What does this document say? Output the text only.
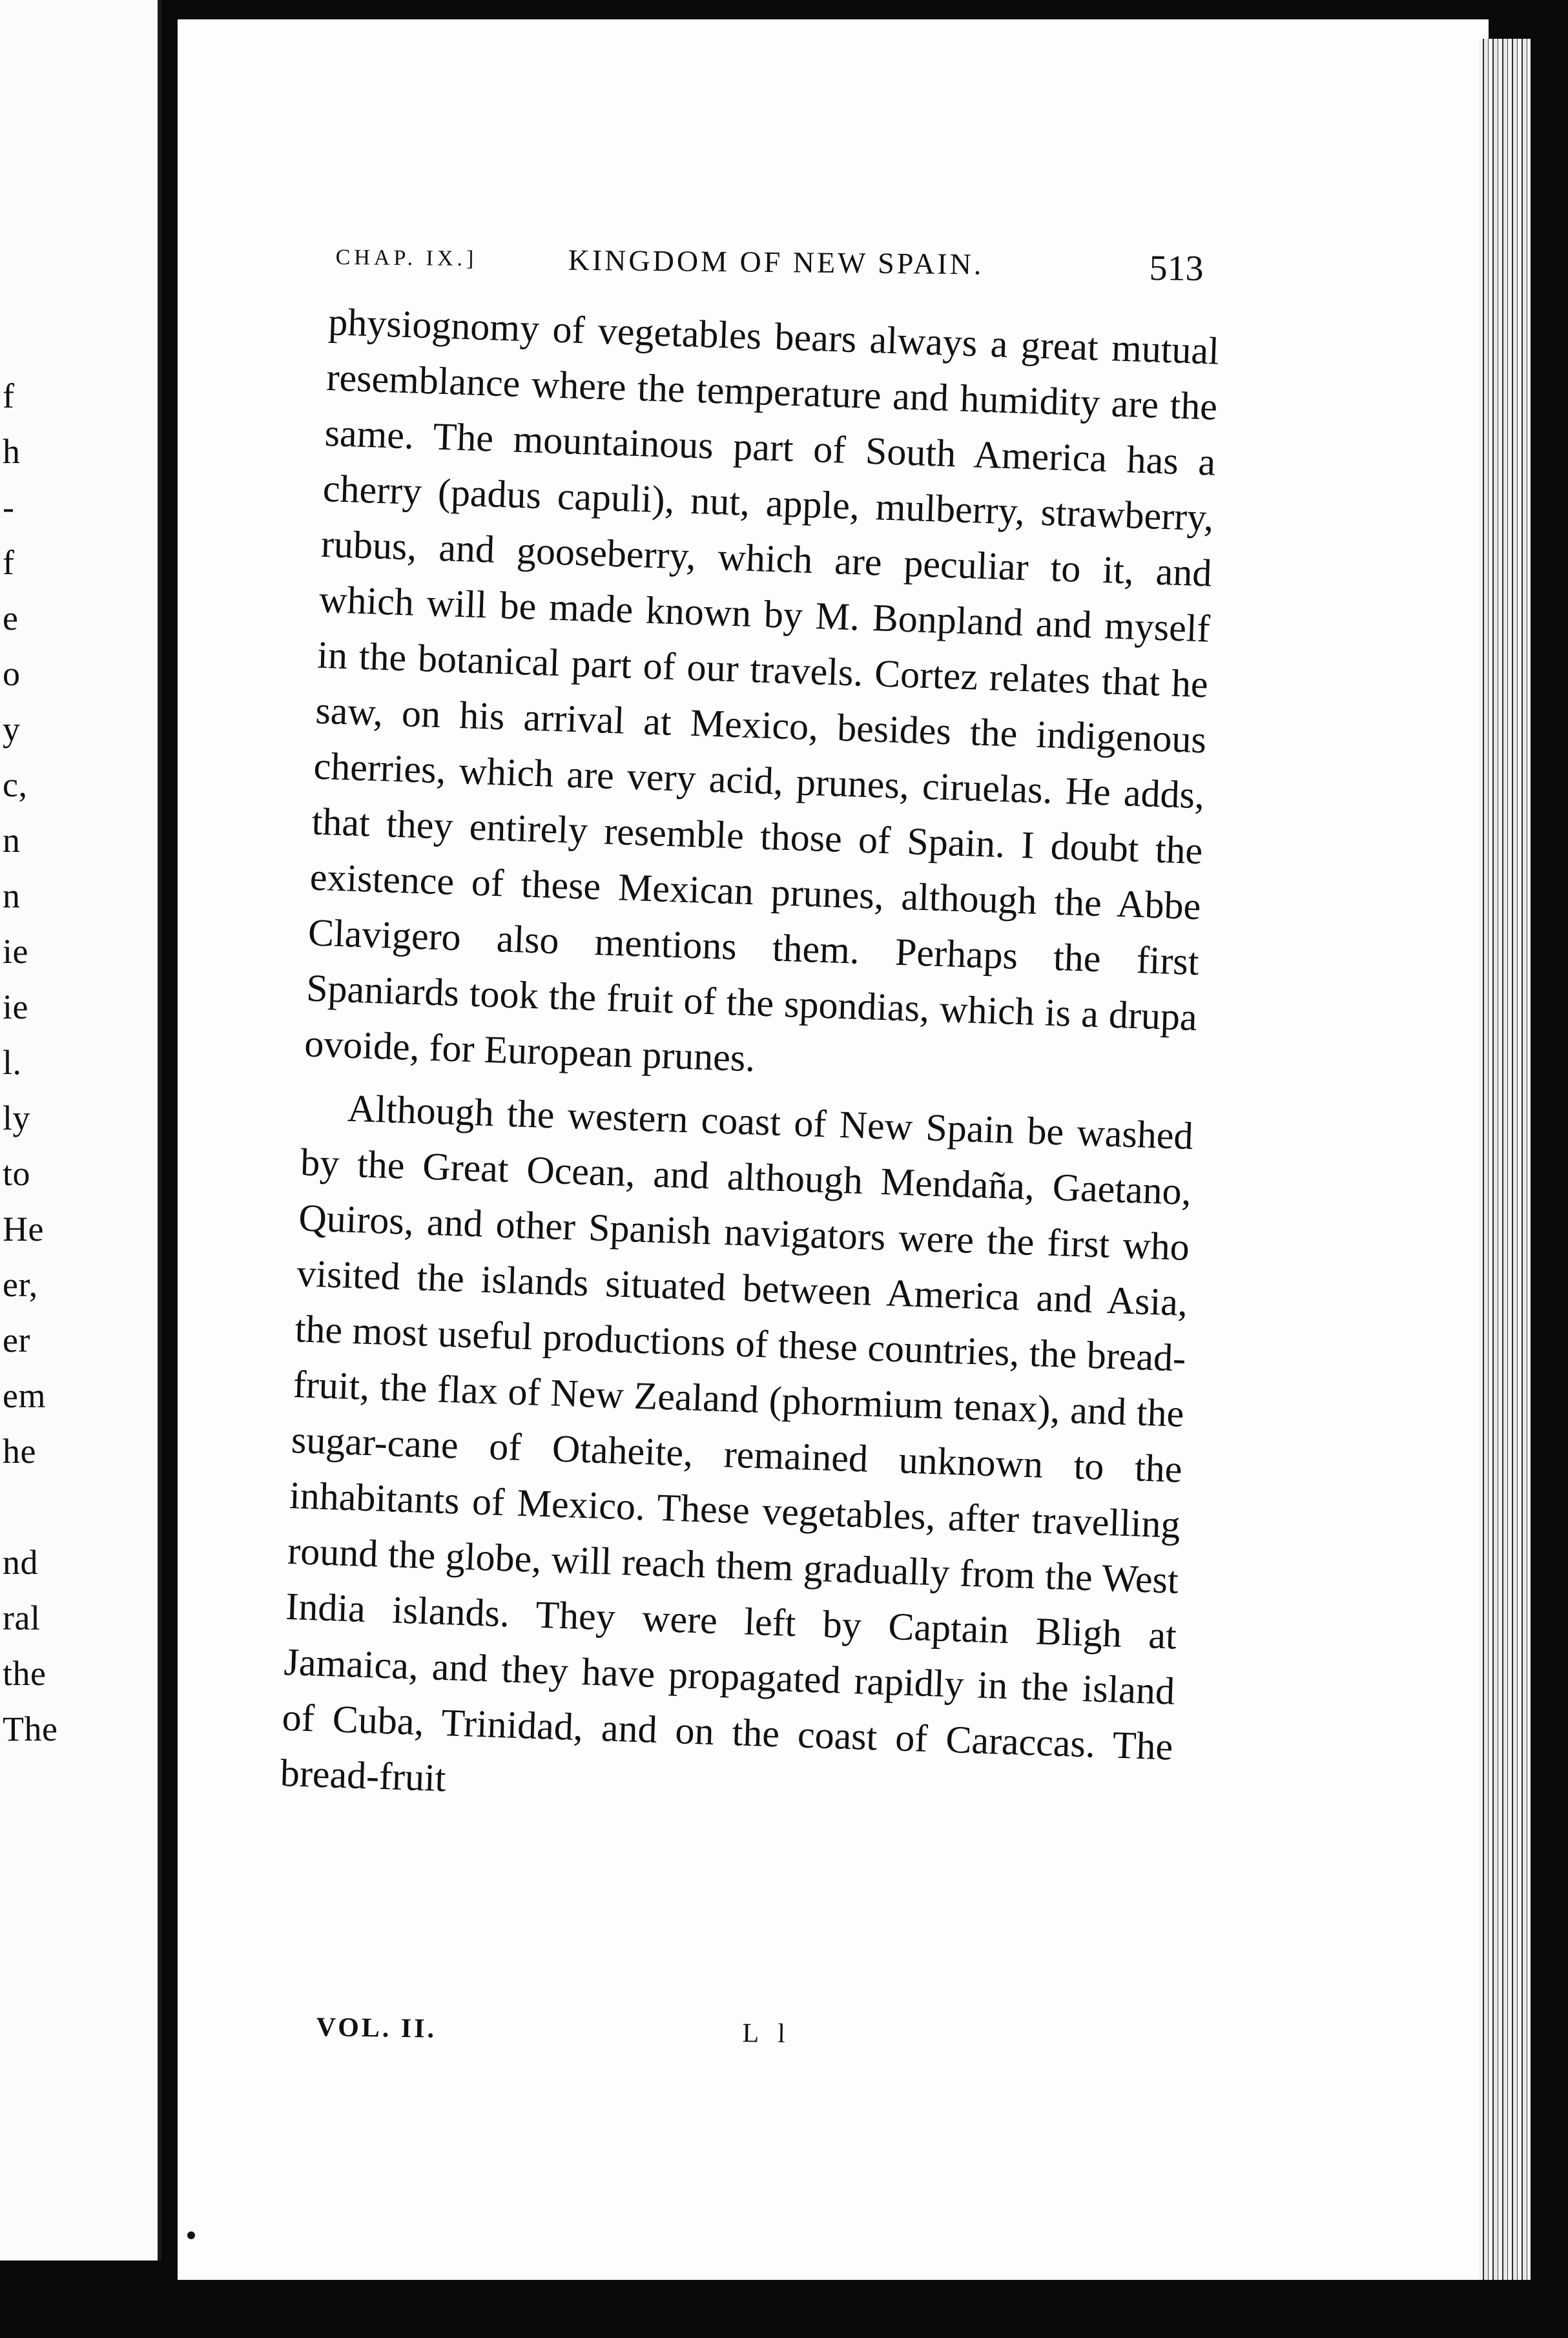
f
h
-
f
e
o
y
c,
n
n
ie
ie
l.
ly
to
He
er,
er
em
he
nd
ral
the
The
CHAP. IX.]	KINGDOM OF NEW SPAIN.	513

physiognomy of vegetables bears always a great mutual resemblance where the temperature and humidity are the same. The mountainous part of South America has a cherry (padus capuli), nut, apple, mulberry, strawberry, rubus, and gooseberry, which are peculiar to it, and which will be made known by M. Bonpland and myself in the botanical part of our travels. Cortez relates that he saw, on his arrival at Mexico, besides the indigenous cherries, which are very acid, prunes, ciruelas. He adds, that they entirely resemble those of Spain. I doubt the existence of these Mexican prunes, although the Abbe Clavigero also mentions them. Perhaps the first Spaniards took the fruit of the spondias, which is a drupa ovoide, for European prunes.

Although the western coast of New Spain be washed by the Great Ocean, and although Mendaña, Gaetano, Quiros, and other Spanish navigators were the first who visited the islands situated between America and Asia, the most useful productions of these countries, the bread-fruit, the flax of New Zealand (phormium tenax), and the sugar-cane of Otaheite, remained unknown to the inhabitants of Mexico. These vegetables, after travelling round the globe, will reach them gradually from the West India islands. They were left by Captain Bligh at Jamaica, and they have propagated rapidly in the island of Cuba, Trinidad, and on the coast of Caraccas. The bread-fruit

VOL. II.	L l
